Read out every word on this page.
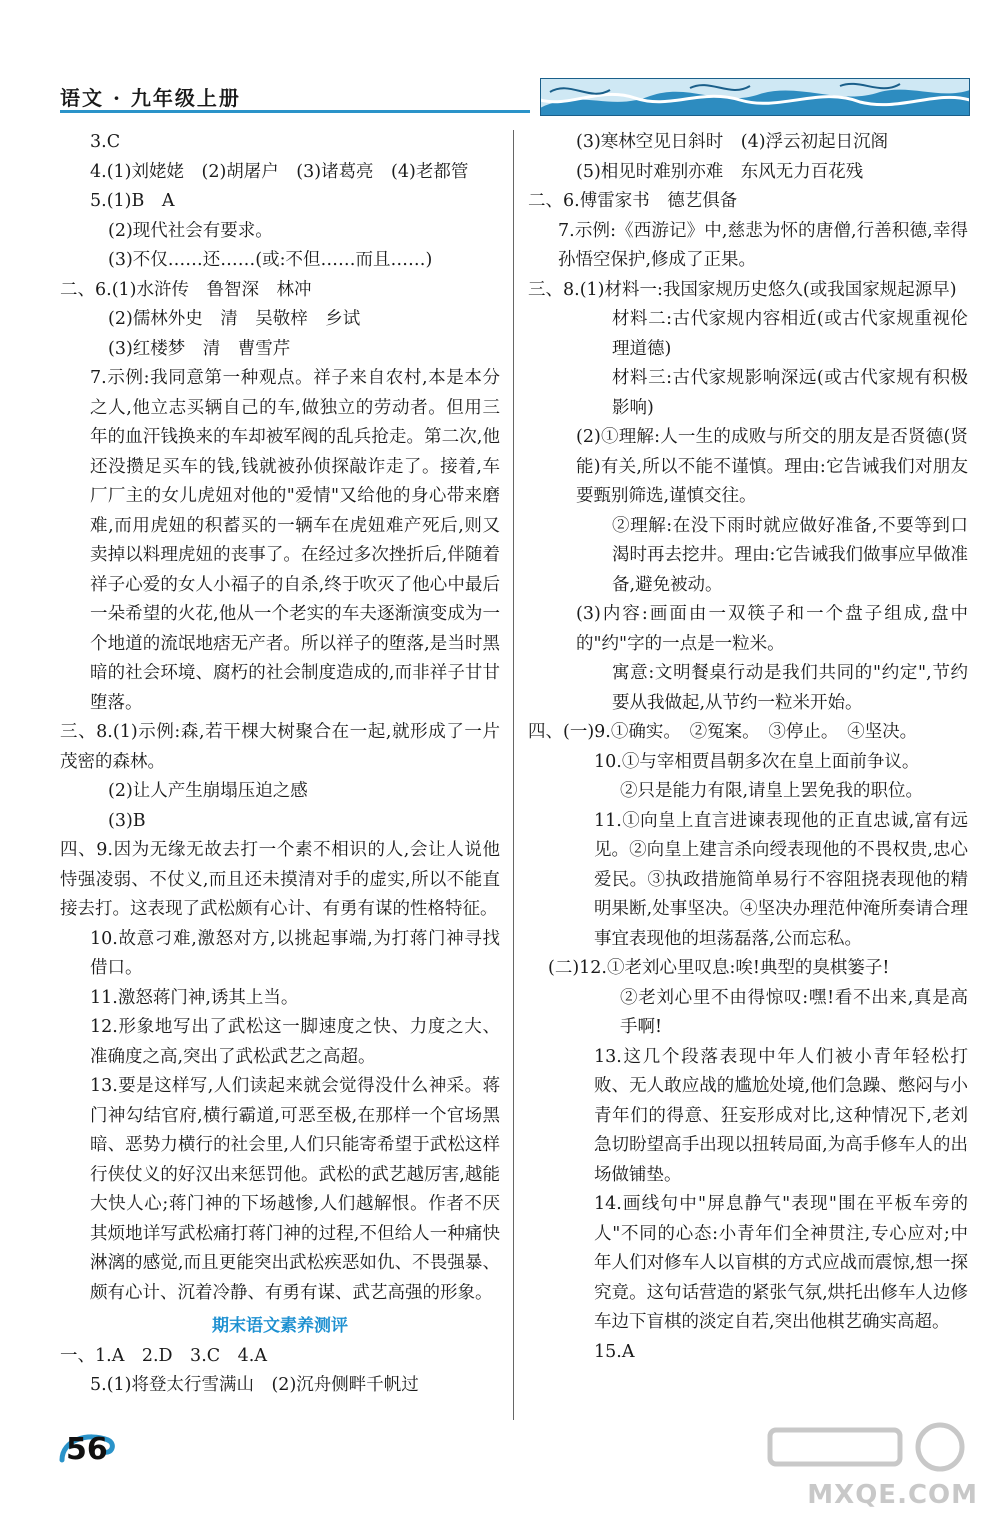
语文 · 九年级上册

3.C

4.(1)刘姥姥　(2)胡屠户　(3)诸葛亮　(4)老都管

5.(1)B　A

(2)现代社会有要求。

(3)不仅……还……(或:不但……而且……)

二、6.(1)水浒传　鲁智深　林冲

(2)儒林外史　清　吴敬梓　乡试

(3)红楼梦　清　曹雪芹

7.示例:我同意第一种观点。祥子来自农村,本是本分之人,他立志买辆自己的车,做独立的劳动者。但用三年的血汗钱换来的车却被军阀的乱兵抢走。第二次,他还没攒足买车的钱,钱就被孙侦探敲诈走了。接着,车厂厂主的女儿虎妞对他的"爱情"又给他的身心带来磨难,而用虎妞的积蓄买的一辆车在虎妞难产死后,则又卖掉以料理虎妞的丧事了。在经过多次挫折后,伴随着祥子心爱的女人小福子的自杀,终于吹灭了他心中最后一朵希望的火花,他从一个老实的车夫逐渐演变成为一个地道的流氓地痞无产者。所以祥子的堕落,是当时黑暗的社会环境、腐朽的社会制度造成的,而非祥子甘甘堕落。

三、8.(1)示例:森,若干棵大树聚合在一起,就形成了一片茂密的森林。

(2)让人产生崩塌压迫之感

(3)B

四、9.因为无缘无故去打一个素不相识的人,会让人说他恃强凌弱、不仗义,而且还未摸清对手的虚实,所以不能直接去打。这表现了武松颇有心计、有勇有谋的性格特征。

10.故意刁难,激怒对方,以挑起事端,为打蒋门神寻找借口。

11.激怒蒋门神,诱其上当。

12.形象地写出了武松这一脚速度之快、力度之大、准确度之高,突出了武松武艺之高超。

13.要是这样写,人们读起来就会觉得没什么神采。蒋门神勾结官府,横行霸道,可恶至极,在那样一个官场黑暗、恶势力横行的社会里,人们只能寄希望于武松这样行侠仗义的好汉出来惩罚他。武松的武艺越厉害,越能大快人心;蒋门神的下场越惨,人们越解恨。作者不厌其烦地详写武松痛打蒋门神的过程,不但给人一种痛快淋漓的感觉,而且更能突出武松疾恶如仇、不畏强暴、颇有心计、沉着冷静、有勇有谋、武艺高强的形象。

期末语文素养测评

一、1.A　2.D　3.C　4.A

5.(1)将登太行雪满山　(2)沉舟侧畔千帆过

(3)寒林空见日斜时　(4)浮云初起日沉阁

(5)相见时难别亦难　东风无力百花残

二、6.傅雷家书　德艺俱备

7.示例:《西游记》中,慈悲为怀的唐僧,行善积德,幸得孙悟空保护,修成了正果。

三、8.(1)材料一:我国家规历史悠久(或我国家规起源早)

材料二:古代家规内容相近(或古代家规重视伦理道德)

材料三:古代家规影响深远(或古代家规有积极影响)

(2)①理解:人一生的成败与所交的朋友是否贤德(贤能)有关,所以不能不谨慎。理由:它告诫我们对朋友要甄别筛选,谨慎交往。

②理解:在没下雨时就应做好准备,不要等到口渴时再去挖井。理由:它告诫我们做事应早做准备,避免被动。

(3)内容:画面由一双筷子和一个盘子组成,盘中的"约"字的一点是一粒米。

寓意:文明餐桌行动是我们共同的"约定",节约要从我做起,从节约一粒米开始。

四、(一)9.①确实。　②冤案。　③停止。　④坚决。

10.①与宰相贾昌朝多次在皇上面前争议。

②只是能力有限,请皇上罢免我的职位。

11.①向皇上直言进谏表现他的正直忠诚,富有远见。②向皇上建言杀向绶表现他的不畏权贵,忠心爱民。③执政措施简单易行不容阻挠表现他的精明果断,处事坚决。④坚决办理范仲淹所奏请合理事宜表现他的坦荡磊落,公而忘私。

(二)12.①老刘心里叹息:唉!典型的臭棋篓子!

②老刘心里不由得惊叹:嘿!看不出来,真是高手啊!

13.这几个段落表现中年人们被小青年轻松打败、无人敢应战的尴尬处境,他们急躁、憋闷与小青年们的得意、狂妄形成对比,这种情况下,老刘急切盼望高手出现以扭转局面,为高手修车人的出场做铺垫。

14.画线句中"屏息静气"表现"围在平板车旁的人"不同的心态:小青年们全神贯注,专心应对;中年人们对修车人以盲棋的方式应战而震惊,想一探究竟。这句话营造的紧张气氛,烘托出修车人边修车边下盲棋的淡定自若,突出他棋艺确实高超。

15.A

56
MXQE.COM
